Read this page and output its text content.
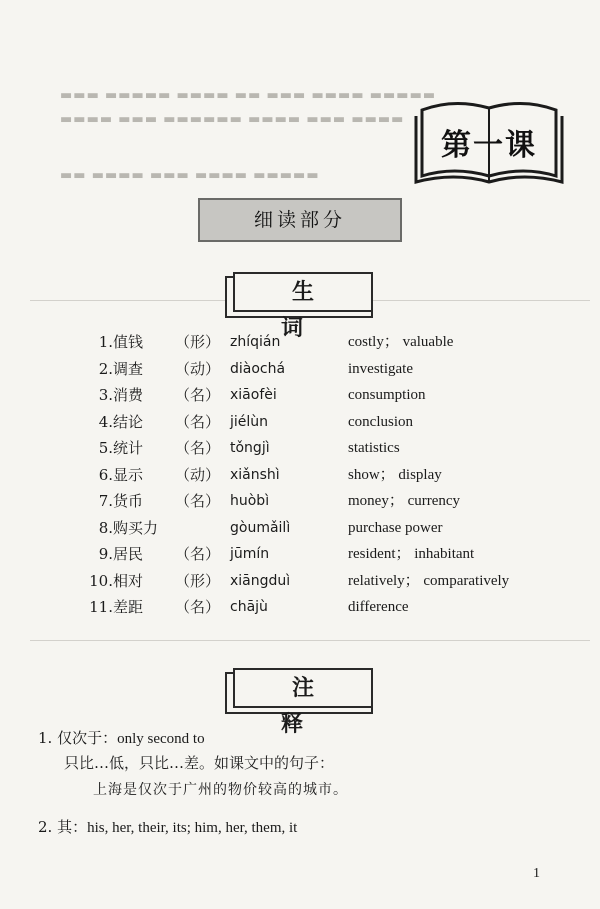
▬▬▬ ▬▬▬▬▬ ▬▬▬▬ ▬▬ ▬▬▬ ▬▬▬▬ ▬▬▬▬▬
▬▬▬▬ ▬▬▬ ▬▬▬▬▬▬ ▬▬▬▬ ▬▬▬ ▬▬▬▬
▬▬ ▬▬▬▬ ▬▬▬ ▬▬▬▬ ▬▬▬▬▬
第一课
细读部分
生 词
1. 值钱 （形） zhíqián	costly； valuable
2. 调查 （动） diàochá	investigate
3. 消费 （名） xiāofèi	consumption
4. 结论 （名） jiélùn	conclusion
5. 统计 （名） tǒngjì	statistics
6. 显示 （动） xiǎnshì	show； display
7. 货币 （名） huòbì	money； currency
8. 购买力	gòumǎilì	purchase power
9. 居民 （名） jūmín	resident； inhabitant
10. 相对 （形） xiāngduì	relatively； comparatively
11. 差距 （名） chājù	difference
注 释
1. 仅次于：only second to
只比…低，只比…差。如课文中的句子：
上海是仅次于广州的物价较高的城市。
2. 其：his, her, their, its; him, her, them, it
1
